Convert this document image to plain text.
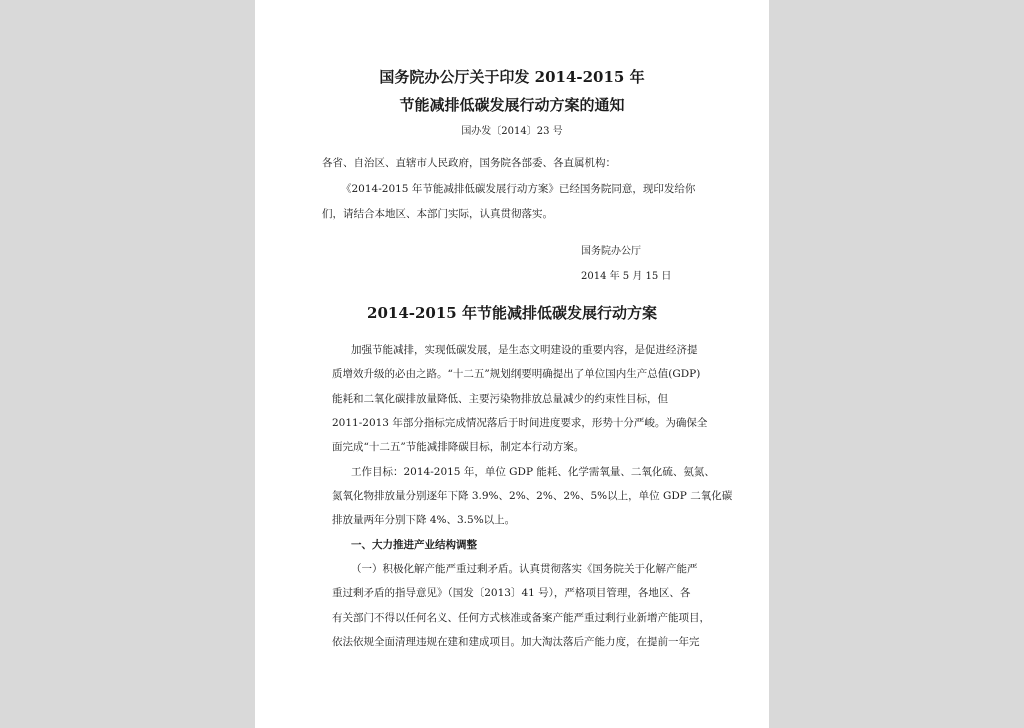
国务院办公厅关于印发 2014-2015 年
节能减排低碳发展行动方案的通知
国办发〔2014〕23 号
各省、自治区、直辖市人民政府，国务院各部委、各直属机构：
《2014-2015 年节能减排低碳发展行动方案》已经国务院同意，现印发给你
们，请结合本地区、本部门实际，认真贯彻落实。
国务院办公厅
2014 年 5 月 15 日
2014-2015 年节能减排低碳发展行动方案
加强节能减排，实现低碳发展，是生态文明建设的重要内容，是促进经济提
质增效升级的必由之路。“十二五”规划纲要明确提出了单位国内生产总值(GDP)
能耗和二氧化碳排放量降低、主要污染物排放总量减少的约束性目标，但
2011-2013 年部分指标完成情况落后于时间进度要求，形势十分严峻。为确保全
面完成“十二五”节能减排降碳目标，制定本行动方案。
工作目标：2014-2015 年，单位 GDP 能耗、化学需氧量、二氧化硫、氨氮、
氮氧化物排放量分别逐年下降 3.9%、2%、2%、2%、5%以上，单位 GDP 二氧化碳
排放量两年分别下降 4%、3.5%以上。
一、大力推进产业结构调整
（一）积极化解产能严重过剩矛盾。认真贯彻落实《国务院关于化解产能严
重过剩矛盾的指导意见》（国发〔2013〕41 号），严格项目管理，各地区、各
有关部门不得以任何名义、任何方式核准或备案产能严重过剩行业新增产能项目，
依法依规全面清理违规在建和建成项目。加大淘汰落后产能力度，在提前一年完
